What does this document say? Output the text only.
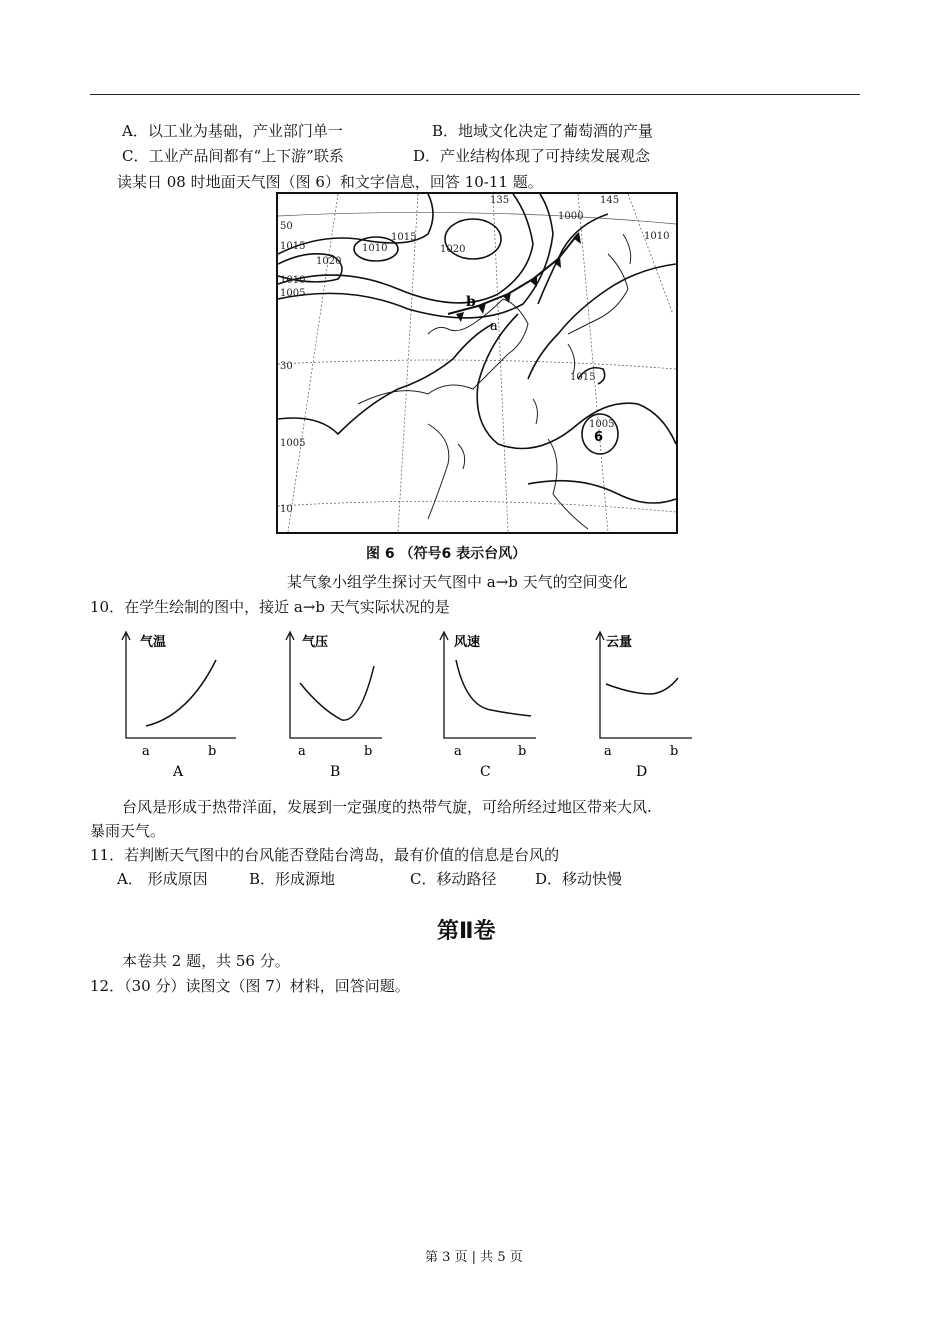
A．以工业为基础，产业部门单一	B．地域文化决定了葡萄酒的产量
C．工业产品间都有“上下游”联系	D．产业结构体现了可持续发展观念
读某日 08 时地面天气图（图 6）和文字信息，回答 10-11 题。
b
a
6
1000
1010
1015
1020
1010
1015
1010
1005
1015
1005
1005
1020
50
30
10
145
135
图 6 （符号6 表示台风）
某气象小组学生探讨天气图中 a→b 天气的空间变化
10．在学生绘制的图中，接近 a→b 天气实际状况的是
气温
a	b
A
气压
a	b
B
风速
a	b
C
云量
a	b
D
台风是形成于热带洋面，发展到一定强度的热带气旋，可给所经过地区带来大风.
暴雨天气。
11．若判断天气图中的台风能否登陆台湾岛，最有价值的信息是台风的
A． 形成原因	B．形成源地	C．移动路径	D．移动快慢
第Ⅱ卷
本卷共 2 题，共 56 分。
12．（30 分）读图文（图 7）材料，回答问题。
第 3 页 | 共 5 页
